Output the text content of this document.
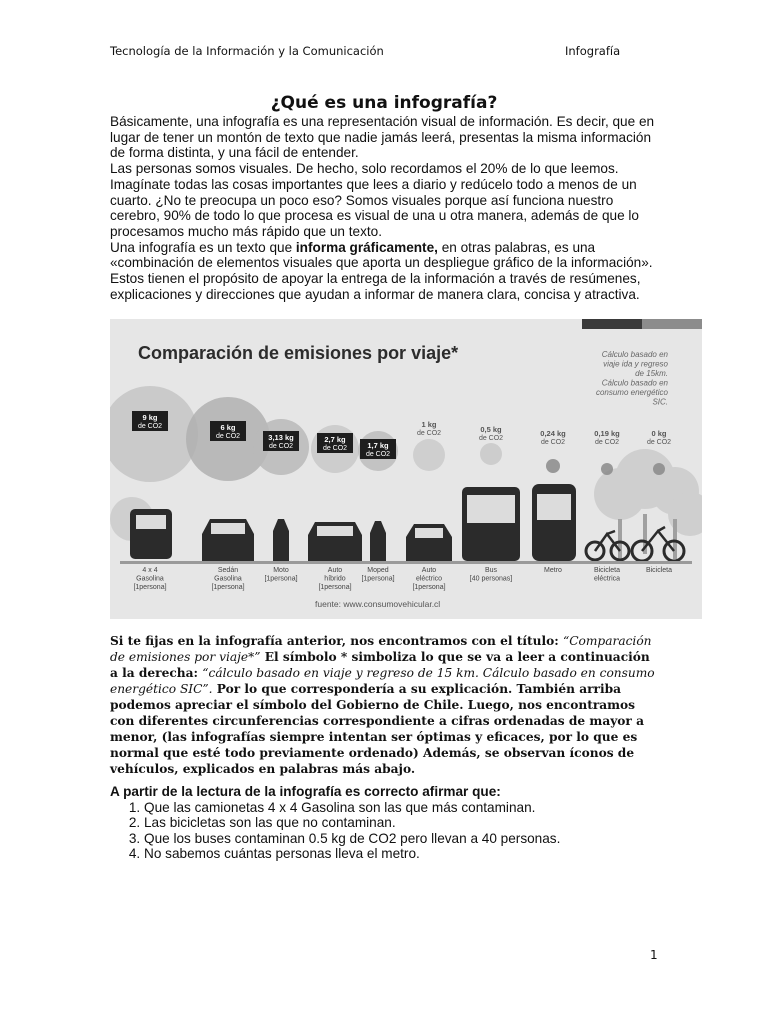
Tecnología de la Información y la Comunicación	Infografía
¿Qué es una infografía?

Básicamente, una infografía es una representación visual de información. Es decir, que en lugar de tener un montón de texto que nadie jamás leerá, presentas la misma información de forma distinta, y una fácil de entender.

Las personas somos visuales. De hecho, solo recordamos el 20% de lo que leemos. Imagínate todas las cosas importantes que lees a diario y redúcelo todo a menos de un cuarto. ¿No te preocupa un poco eso? Somos visuales porque así funciona nuestro cerebro, 90% de todo lo que procesa es visual de una u otra manera, además de que lo procesamos mucho más rápido que un texto.

Una infografía es un texto que informa gráficamente, en otras palabras, es una «combinación de elementos visuales que aporta un despliegue gráfico de la información».

Estos tienen el propósito de apoyar la entrega de la información a través de resúmenes, explicaciones y direcciones que ayudan a informar de manera clara, concisa y atractiva.

Comparación de emisiones por viaje*	Cálculo basado en
viaje ida y regreso
de 15km.
Cálculo basado en
consumo energético
SIC.
9 kg
de CO2	6 kg
de CO2	3,13 kg
de CO2
2,7 kg
de CO2	1,7 kg
de CO2
1 kg
de CO2	0,5 kg
de CO2
0,24 kg
de CO2
0,19 kg
de CO2
0 kg
de CO2
4 x 4
Gasolina
[1persona]
Sedán
Gasolina
[1persona]
Moto
[1persona]
Auto
híbrido
[1persona]
Moped
[1persona]
Auto
eléctrico
[1persona]
Bus
[40 personas]
Metro	Bicicleta
eléctrica
Bicicleta
fuente: www.consumovehicular.cl
Si te fijas en la infografía anterior, nos encontramos con el título: “Comparación de emisiones por viaje*” El símbolo * simboliza lo que se va a leer a continuación a la derecha: “cálculo basado en viaje y regreso de 15 km. Cálculo basado en consumo energético SIC”. Por lo que correspondería a su explicación. También arriba podemos apreciar el símbolo del Gobierno de Chile. Luego, nos encontramos con diferentes circunferencias correspondiente a cifras ordenadas de mayor a menor, (las infografías siempre intentan ser óptimas y eficaces, por lo que es normal que esté todo previamente ordenado) Además, se observan íconos de vehículos, explicados en palabras más abajo.
A partir de la lectura de la infografía es correcto afirmar que:
1. Que las camionetas 4 x 4 Gasolina son las que más contaminan.
2. Las bicicletas son las que no contaminan.
3. Que los buses contaminan 0.5 kg de CO2 pero llevan a 40 personas.
4. No sabemos cuántas personas lleva el metro.
1
